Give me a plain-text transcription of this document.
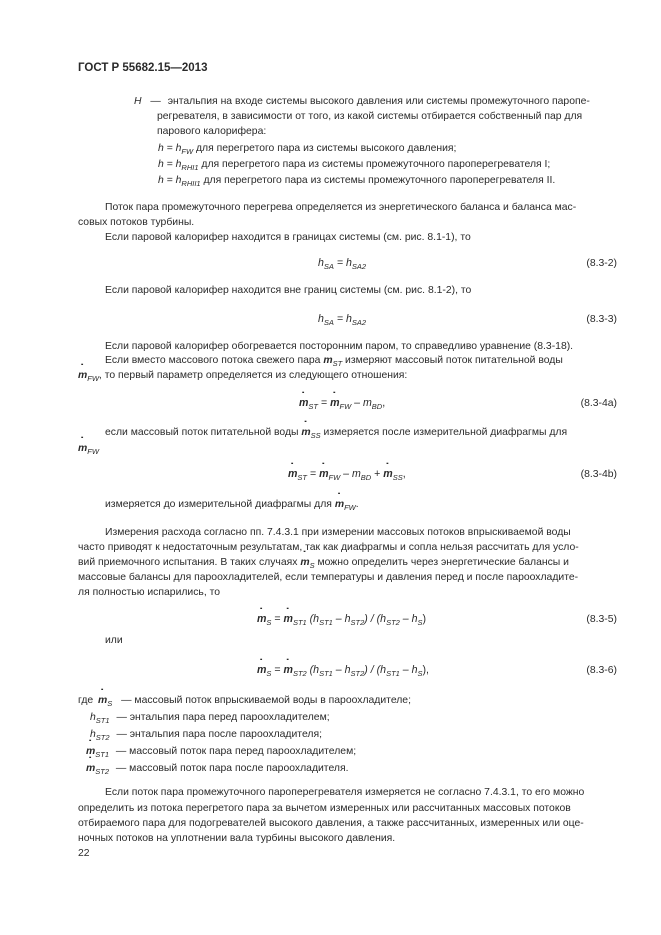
ГОСТ Р 55682.15—2013
H — энтальпия на входе системы высокого давления или системы промежуточного паропе-
регревателя, в зависимости от того, из какой системы отбирается собственный пар для
парового калорифера:
$h = h_{FW}$ для перегретого пара из системы высокого давления;
$h = h_{RHI1}$ для перегретого пара из системы промежуточного пароперегревателя I;
$h = h_{RHII1}$ для перегретого пара из системы промежуточного пароперегревателя II.
Поток пара промежуточного перегрева определяется из энергетического баланса и баланса мас-
совых потоков турбины.
Если паровой калорифер находится в границах системы (см. рис. 8.1-1), то
$h_{SA} = h_{SA2}$	(8.3-2)
Если паровой калорифер находится вне границ системы (см. рис. 8.1-2), то
$h_{SA} = h_{SA2}$	(8.3-3)
Если паровой калорифер обогревается посторонним паром, то справедливо уравнение (8.3-18).
Если вместо массового потока свежего пара ˙ $m_{ST}$ измеряют массовый поток питательной воды
˙ $m_{FW}$, то первый параметр определяется из следующего отношения:
˙ $m_{ST}$ = ˙ $m_{FW} - m_{BD}$,	(8.3-4a)
если массовый поток питательной воды ˙ $m_{SS}$ измеряется после измерительной диафрагмы для
˙ $m_{FW}$
˙ $m_{ST}$ = ˙ $m_{FW} - m_{BD}$ + ˙ $m_{SS}$,	(8.3-4b)
измеряется до измерительной диафрагмы для ˙ $m_{FW}$.
Измерения расхода согласно пп. 7.4.3.1 при измерении массовых потоков впрыскиваемой воды
часто приводят к недостаточным результатам, так как диафрагмы и сопла нельзя рассчитать для усло-
вий приемочного испытания. В таких случаях ˙ $m_S$ можно определить через энергетические балансы и
массовые балансы для пароохладителей, если температуры и давления перед и после пароохладите-
ля полностью испарились, то
˙ $m_S$ = ˙ $m_{ST1}$ $(h_{ST1} - h_{ST2}) / (h_{ST2} - h_S)$	(8.3-5)
или
˙ $m_S$ = ˙ $m_{ST2}$ $(h_{ST1} - h_{ST2}) / (h_{ST1} - h_S)$,	(8.3-6)
где
˙ $m_S$ — массовый поток впрыскиваемой воды в пароохладителе;
$h_{ST1}$ — энтальпия пара перед пароохладителем;
$h_{ST2}$ — энтальпия пара после пароохладителя;
˙ $m_{ST1}$ — массовый поток пара перед пароохладителем;
˙ $m_{ST2}$ — массовый поток пара после пароохладителя.
Если поток пара промежуточного пароперегревателя измеряется не согласно 7.4.3.1, то его можно
определить из потока перегретого пара за вычетом измеренных или рассчитанных массовых потоков
отбираемого пара для подогревателей высокого давления, а также рассчитанных, измеренных или оце-
ночных потоков на уплотнении вала турбины высокого давления.
22
